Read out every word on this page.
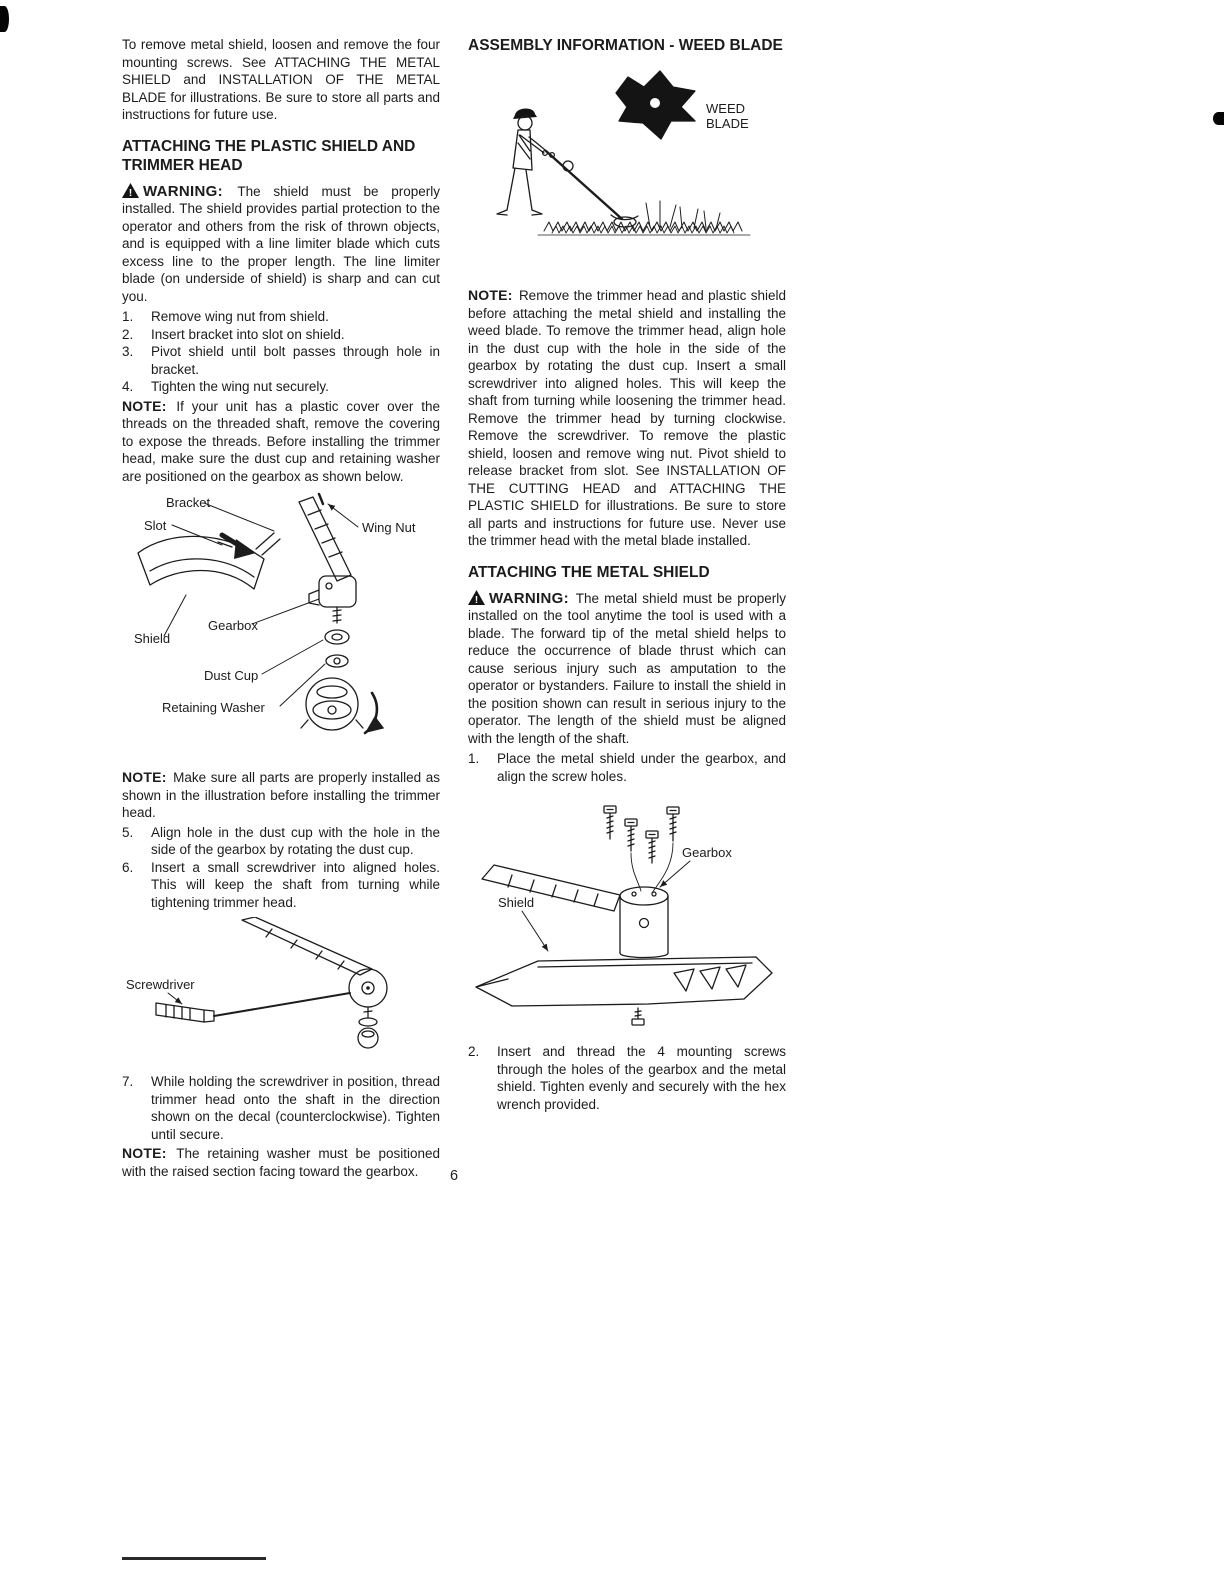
To remove metal shield, loosen and remove the four mounting screws. See ATTACHING THE METAL SHIELD and INSTALLATION OF THE METAL BLADE for illustrations. Be sure to store all parts and instructions for future use.

ATTACHING THE PLASTIC SHIELD AND TRIMMER HEAD

! WARNING: The shield must be properly installed. The shield provides partial protection to the operator and others from the risk of thrown objects, and is equipped with a line limiter blade which cuts excess line to the proper length. The line limiter blade (on underside of shield) is sharp and can cut you.

1.	Remove wing nut from shield.
2.	Insert bracket into slot on shield.
3.	Pivot shield until bolt passes through hole in bracket.
4.	Tighten the wing nut securely.

NOTE: If your unit has a plastic cover over the threads on the threaded shaft, remove the covering to expose the threads. Before installing the trimmer head, make sure the dust cup and retaining washer are positioned on the gearbox as shown below.

Bracket
Slot	Wing Nut
Gearbox
Shield
Dust Cup
Retaining Washer

NOTE: Make sure all parts are properly installed as shown in the illustration before installing the trimmer head.

5.	Align hole in the dust cup with the hole in the side of the gearbox by rotating the dust cup.
6.	Insert a small screwdriver into aligned holes. This will keep the shaft from turning while tightening trimmer head.
Screwdriver
7.	While holding the screwdriver in position, thread trimmer head onto the shaft in the direction shown on the decal (counterclockwise). Tighten until secure.

NOTE: The retaining washer must be positioned with the raised section facing toward the gearbox.

ASSEMBLY INFORMATION - WEED BLADE
WEED BLADE

NOTE: Remove the trimmer head and plastic shield before attaching the metal shield and installing the weed blade. To remove the trimmer head, align hole in the dust cup with the hole in the side of the gearbox by rotating the dust cup. Insert a small screwdriver into aligned holes. This will keep the shaft from turning while loosening the trimmer head. Remove the trimmer head by turning clockwise. Remove the screwdriver. To remove the plastic shield, loosen and remove wing nut. Pivot shield to release bracket from slot. See INSTALLATION OF THE CUTTING HEAD and ATTACHING THE PLASTIC SHIELD for illustrations. Be sure to store all parts and instructions for future use. Never use the trimmer head with the metal blade installed.

ATTACHING THE METAL SHIELD

! WARNING: The metal shield must be properly installed on the tool anytime the tool is used with a blade. The forward tip of the metal shield helps to reduce the occurrence of blade thrust which can cause serious injury such as amputation to the operator or bystanders. Failure to install the shield in the position shown can result in serious injury to the operator. The length of the shield must be aligned with the length of the shaft.

1.	Place the metal shield under the gearbox, and align the screw holes.
Gearbox
Shield
2.	Insert and thread the 4 mounting screws through the holes of the gearbox and the metal shield. Tighten evenly and securely with the hex wrench provided.
6
